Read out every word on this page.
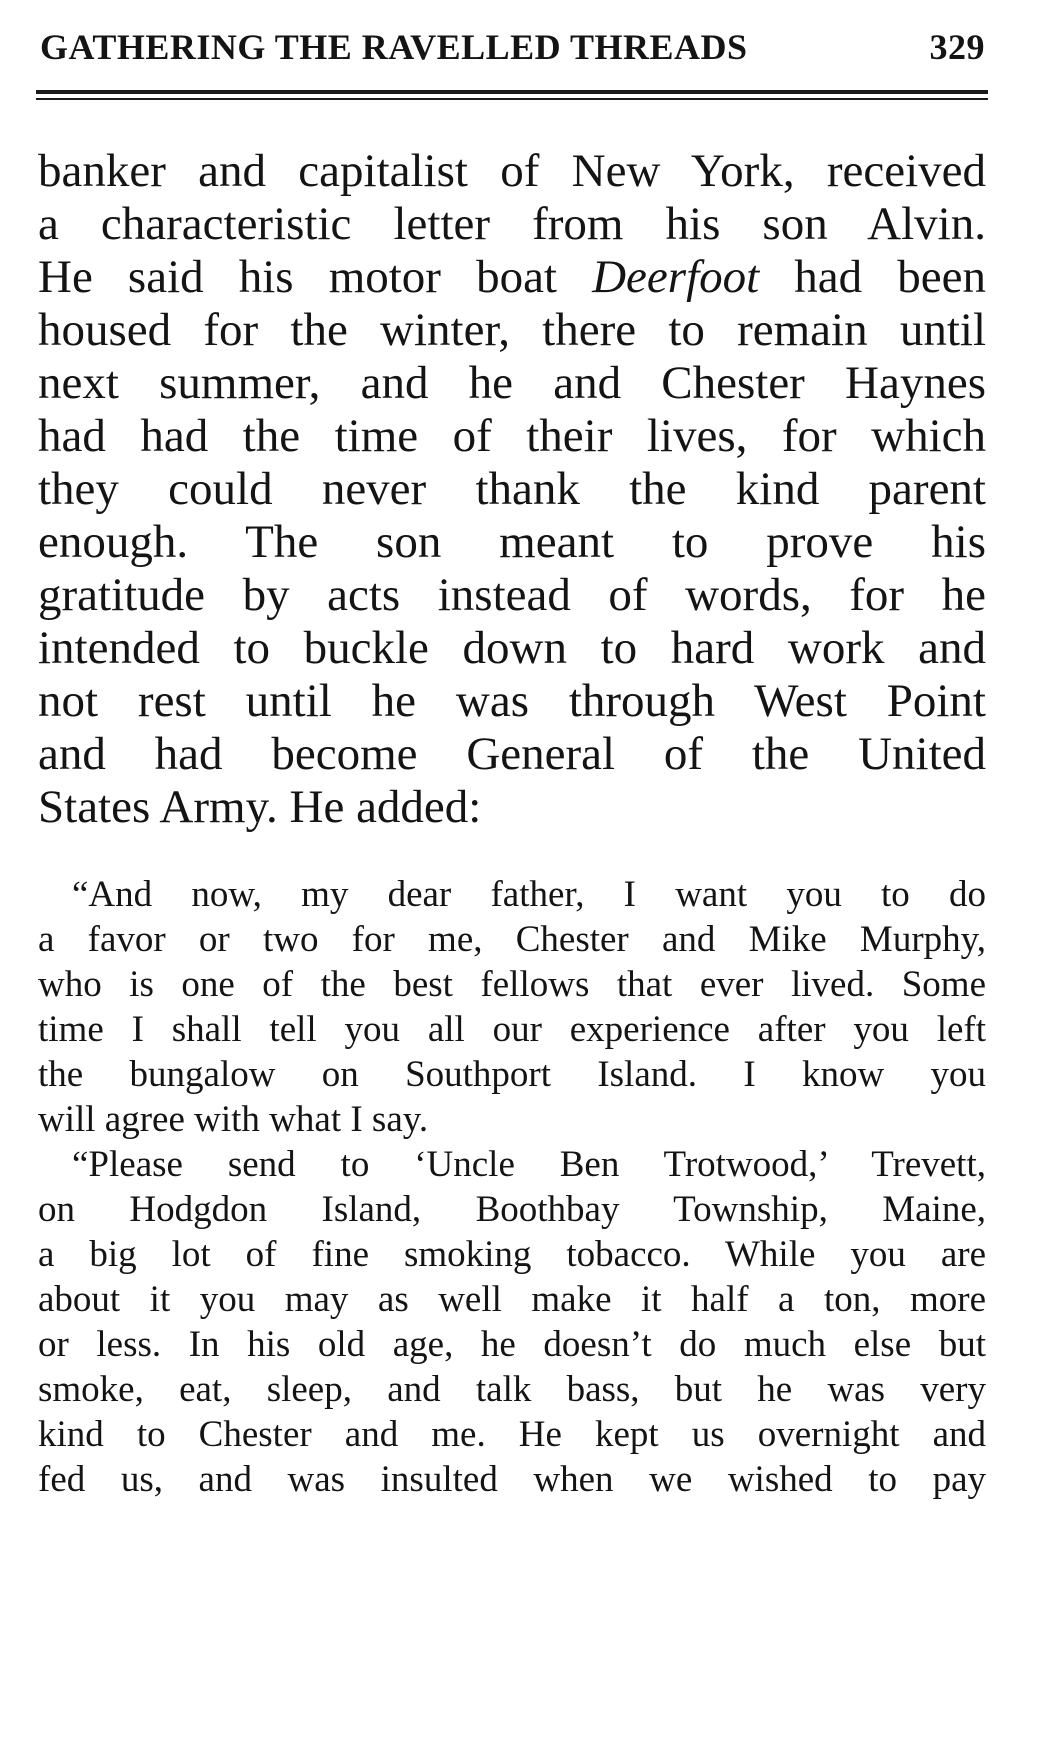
GATHERING THE RAVELLED THREADS	329
banker and capitalist of New York, received
a characteristic letter from his son Alvin.
He said his motor boat Deerfoot had been
housed for the winter, there to remain until
next summer, and he and Chester Haynes
had had the time of their lives, for which
they could never thank the kind parent
enough. The son meant to prove his
gratitude by acts instead of words, for he
intended to buckle down to hard work and
not rest until he was through West Point
and had become General of the United
States Army. He added:
“And now, my dear father, I want you to do
a favor or two for me, Chester and Mike Murphy,
who is one of the best fellows that ever lived. Some
time I shall tell you all our experience after you left
the bungalow on Southport Island. I know you
will agree with what I say.
“Please send to ‘Uncle Ben Trotwood,’ Trevett,
on Hodgdon Island, Boothbay Township, Maine,
a big lot of fine smoking tobacco. While you are
about it you may as well make it half a ton, more
or less. In his old age, he doesn’t do much else but
smoke, eat, sleep, and talk bass, but he was very
kind to Chester and me. He kept us overnight and
fed us, and was insulted when we wished to pay
